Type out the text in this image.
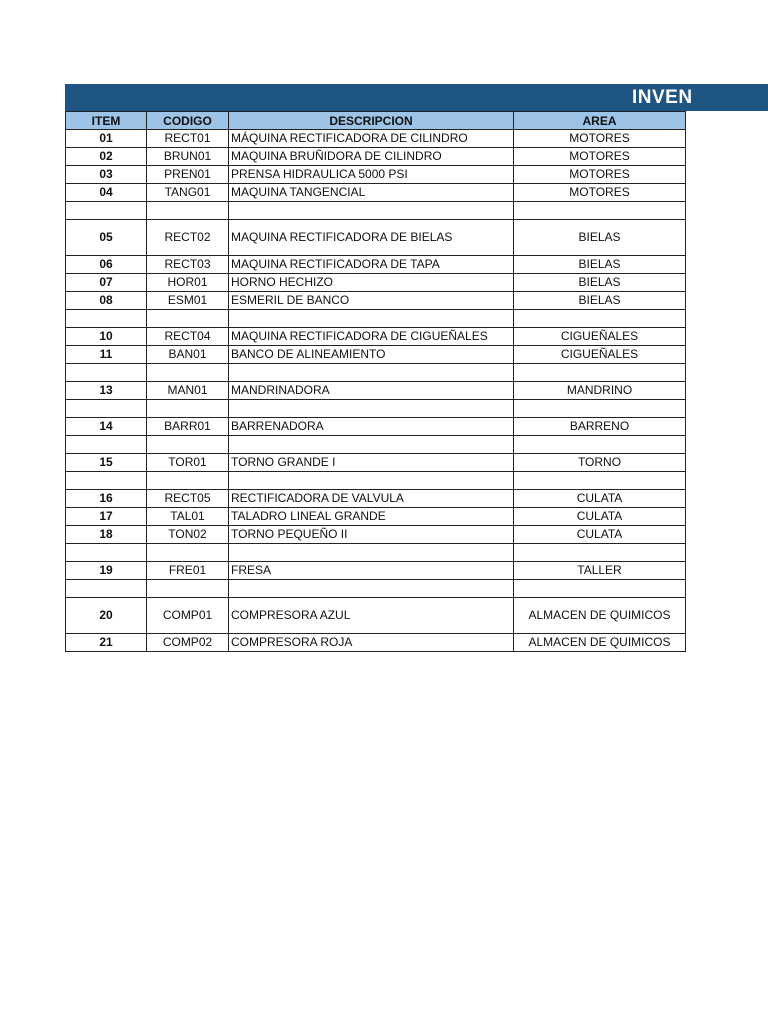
INVEN
ITEM	CODIGO	DESCRIPCION	AREA
01	RECT01	MÁQUINA RECTIFICADORA DE CILINDRO	MOTORES
02	BRUN01	MAQUINA BRUÑIDORA DE CILINDRO	MOTORES
03	PREN01	PRENSA HIDRAULICA 5000 PSI	MOTORES
04	TANG01	MAQUINA TANGENCIAL	MOTORES

05	RECT02	MAQUINA RECTIFICADORA DE BIELAS	BIELAS
06	RECT03	MAQUINA RECTIFICADORA DE TAPA	BIELAS
07	HOR01	HORNO HECHIZO	BIELAS
08	ESM01	ESMERIL DE BANCO	BIELAS

10	RECT04	MAQUINA RECTIFICADORA DE CIGUEÑALES	CIGUEÑALES
11	BAN01	BANCO DE ALINEAMIENTO	CIGUEÑALES

13	MAN01	MANDRINADORA	MANDRINO

14	BARR01	BARRENADORA	BARRENO

15	TOR01	TORNO GRANDE I	TORNO

16	RECT05	RECTIFICADORA DE VALVULA	CULATA
17	TAL01	TALADRO LINEAL GRANDE	CULATA
18	TON02	TORNO PEQUEÑO II	CULATA

19	FRE01	FRESA	TALLER

20	COMP01	COMPRESORA AZUL	ALMACEN DE QUIMICOS
21	COMP02	COMPRESORA ROJA	ALMACEN DE QUIMICOS
